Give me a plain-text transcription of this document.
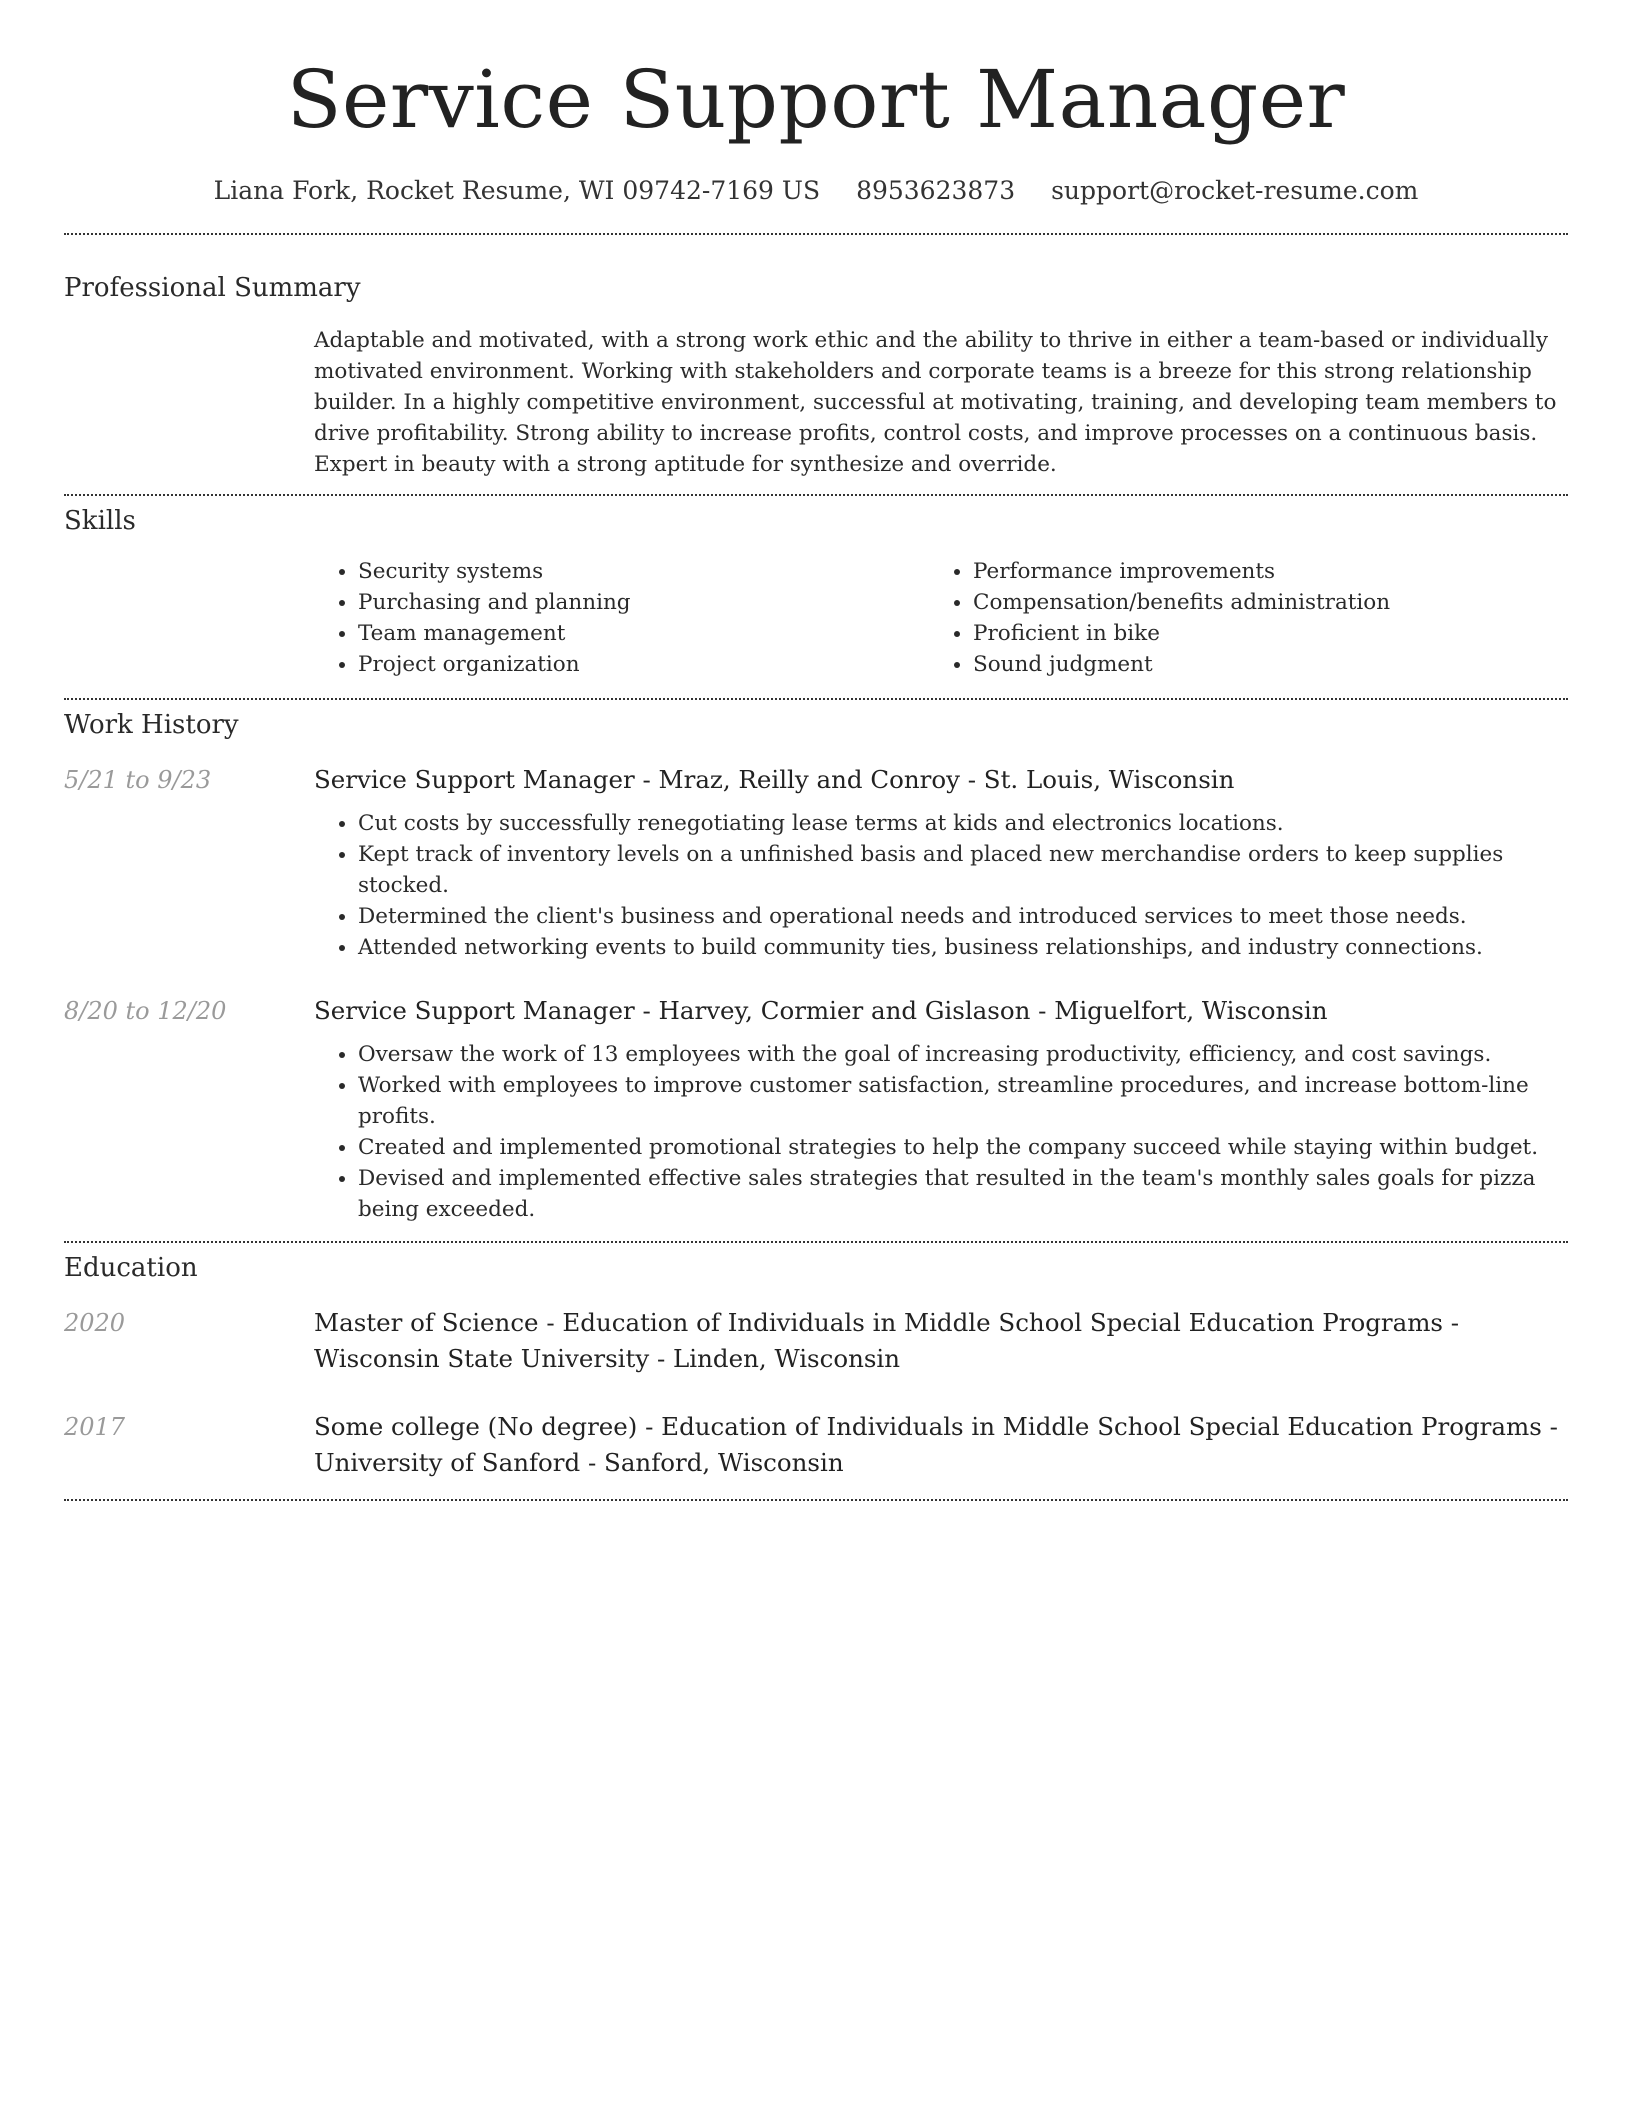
Service Support Manager
Liana Fork, Rocket Resume, WI 09742-7169 US 8953623873 support@rocket-resume.com
Professional Summary

Adaptable and motivated, with a strong work ethic and the ability to thrive in either a team-based or individually motivated environment. Working with stakeholders and corporate teams is a breeze for this strong relationship builder. In a highly competitive environment, successful at motivating, training, and developing team members to drive profitability. Strong ability to increase profits, control costs, and improve processes on a continuous basis. Expert in beauty with a strong aptitude for synthesize and override.

Skills
• Security systems
• Purchasing and planning
• Team management
• Project organization
• Performance improvements
• Compensation/benefits administration
• Proficient in bike
• Sound judgment
Work History
5/21 to 9/23	Service Support Manager - Mraz, Reilly and Conroy - St. Louis, Wisconsin
• Cut costs by successfully renegotiating lease terms at kids and electronics locations.
• Kept track of inventory levels on a unfinished basis and placed new merchandise orders to keep supplies stocked.
• Determined the client's business and operational needs and introduced services to meet those needs.
• Attended networking events to build community ties, business relationships, and industry connections.
8/20 to 12/20	Service Support Manager - Harvey, Cormier and Gislason - Miguelfort, Wisconsin
• Oversaw the work of 13 employees with the goal of increasing productivity, efficiency, and cost savings.
• Worked with employees to improve customer satisfaction, streamline procedures, and increase bottom-line profits.
• Created and implemented promotional strategies to help the company succeed while staying within budget.
• Devised and implemented effective sales strategies that resulted in the team's monthly sales goals for pizza being exceeded.
Education
2020	Master of Science - Education of Individuals in Middle School Special Education Programs - Wisconsin State University - Linden, Wisconsin
2017	Some college (No degree) - Education of Individuals in Middle School Special Education Programs - University of Sanford - Sanford, Wisconsin
